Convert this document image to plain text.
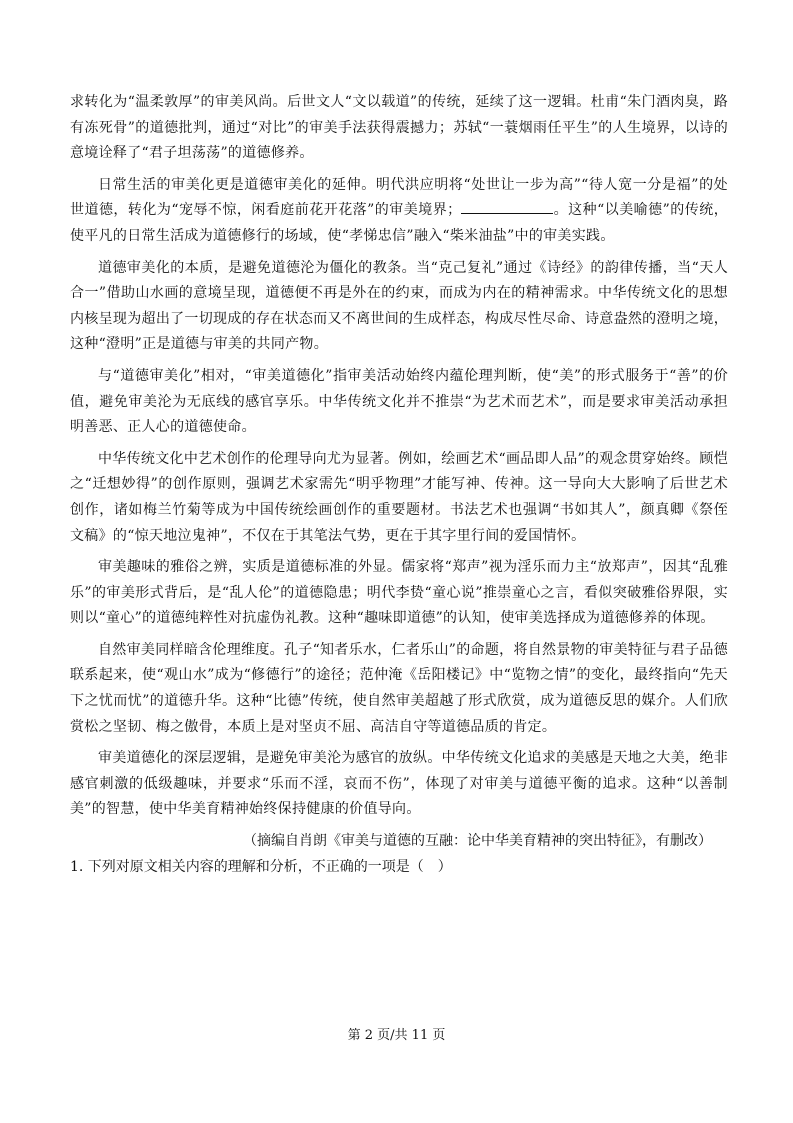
求转化为“温柔敦厚”的审美风尚。后世文人“文以载道”的传统，延续了这一逻辑。杜甫“朱门酒肉臭，路有冻死骨”的道德批判，通过“对比”的审美手法获得震撼力；苏轼“一蓑烟雨任平生”的人生境界，以诗的意境诠释了“君子坦荡荡”的道德修养。

日常生活的审美化更是道德审美化的延伸。明代洪应明将“处世让一步为高”“待人宽一分是福”的处世道德，转化为“宠辱不惊，闲看庭前花开花落”的审美境界；	。这种“以美喻德”的传统，使平凡的日常生活成为道德修行的场域，使“孝悌忠信”融入“柴米油盐”中的审美实践。

道德审美化的本质，是避免道德沦为僵化的教条。当“克己复礼”通过《诗经》的韵律传播，当“天人合一”借助山水画的意境呈现，道德便不再是外在的约束，而成为内在的精神需求。中华传统文化的思想内核呈现为超出了一切现成的存在状态而又不离世间的生成样态，构成尽性尽命、诗意盎然的澄明之境，这种“澄明”正是道德与审美的共同产物。

与“道德审美化”相对，“审美道德化”指审美活动始终内蕴伦理判断，使“美”的形式服务于“善”的价值，避免审美沦为无底线的感官享乐。中华传统文化并不推崇“为艺术而艺术”，而是要求审美活动承担明善恶、正人心的道德使命。

中华传统文化中艺术创作的伦理导向尤为显著。例如，绘画艺术“画品即人品”的观念贯穿始终。顾恺之“迁想妙得”的创作原则，强调艺术家需先“明乎物理”才能写神、传神。这一导向大大影响了后世艺术创作，诸如梅兰竹菊等成为中国传统绘画创作的重要题材。书法艺术也强调“书如其人”，颜真卿《祭侄文稿》的“惊天地泣鬼神”，不仅在于其笔法气势，更在于其字里行间的爱国情怀。

审美趣味的雅俗之辨，实质是道德标准的外显。儒家将“郑声”视为淫乐而力主“放郑声”，因其“乱雅乐”的审美形式背后，是“乱人伦”的道德隐患；明代李贽“童心说”推崇童心之言，看似突破雅俗界限，实则以“童心”的道德纯粹性对抗虚伪礼教。这种“趣味即道德”的认知，使审美选择成为道德修养的体现。

自然审美同样暗含伦理维度。孔子“知者乐水，仁者乐山”的命题，将自然景物的审美特征与君子品德联系起来，使“观山水”成为“修德行”的途径；范仲淹《岳阳楼记》中“览物之情”的变化，最终指向“先天下之忧而忧”的道德升华。这种“比德”传统，使自然审美超越了形式欣赏，成为道德反思的媒介。人们欣赏松之坚韧、梅之傲骨，本质上是对坚贞不屈、高洁自守等道德品质的肯定。

审美道德化的深层逻辑，是避免审美沦为感官的放纵。中华传统文化追求的美感是天地之大美，绝非感官刺激的低级趣味，并要求“乐而不淫，哀而不伤”，体现了对审美与道德平衡的追求。这种“以善制美”的智慧，使中华美育精神始终保持健康的价值导向。

（摘编自肖朗《审美与道德的互融：论中华美育精神的突出特征》，有删改）

1. 下列对原文相关内容的理解和分析，不正确的一项是（　）

第 2 页/共 11 页
